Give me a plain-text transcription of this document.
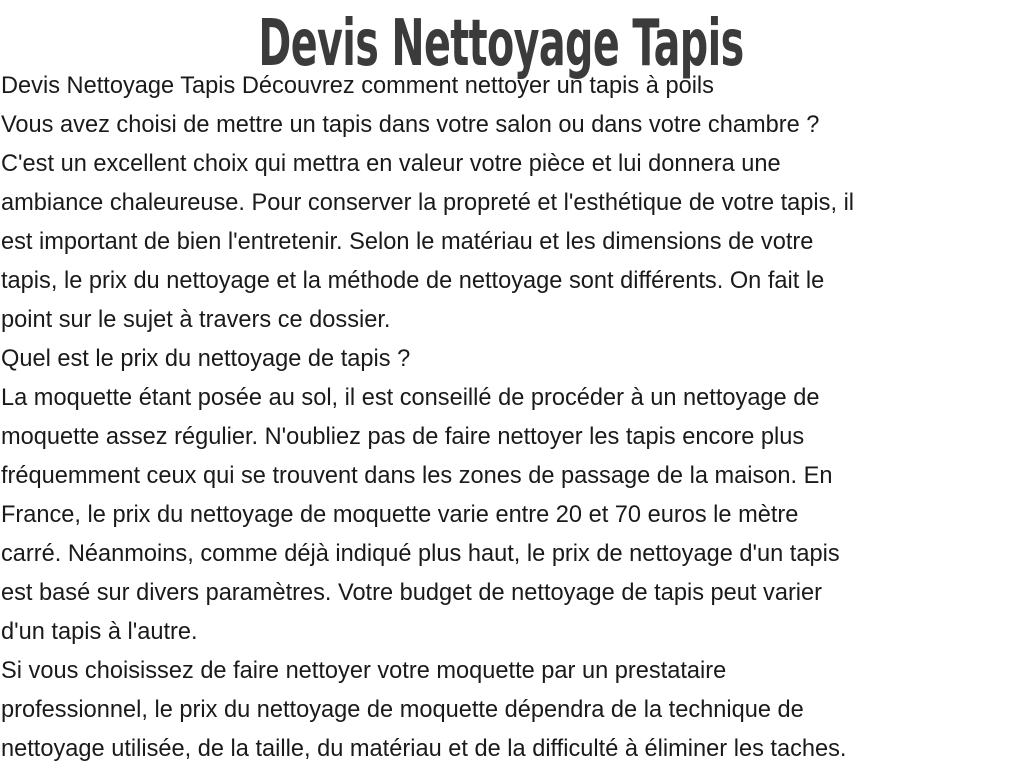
Devis Nettoyage Tapis
Devis Nettoyage Tapis Découvrez comment nettoyer un tapis à poils
Vous avez choisi de mettre un tapis dans votre salon ou dans votre chambre ?
C'est un excellent choix qui mettra en valeur votre pièce et lui donnera une
ambiance chaleureuse. Pour conserver la propreté et l'esthétique de votre tapis, il
est important de bien l'entretenir. Selon le matériau et les dimensions de votre
tapis, le prix du nettoyage et la méthode de nettoyage sont différents. On fait le
point sur le sujet à travers ce dossier.
Quel est le prix du nettoyage de tapis ?
La moquette étant posée au sol, il est conseillé de procéder à un nettoyage de
moquette assez régulier. N'oubliez pas de faire nettoyer les tapis encore plus
fréquemment ceux qui se trouvent dans les zones de passage de la maison. En
France, le prix du nettoyage de moquette varie entre 20 et 70 euros le mètre
carré. Néanmoins, comme déjà indiqué plus haut, le prix de nettoyage d'un tapis
est basé sur divers paramètres. Votre budget de nettoyage de tapis peut varier
d'un tapis à l'autre.
Si vous choisissez de faire nettoyer votre moquette par un prestataire
professionnel, le prix du nettoyage de moquette dépendra de la technique de
nettoyage utilisée, de la taille, du matériau et de la difficulté à éliminer les taches.
